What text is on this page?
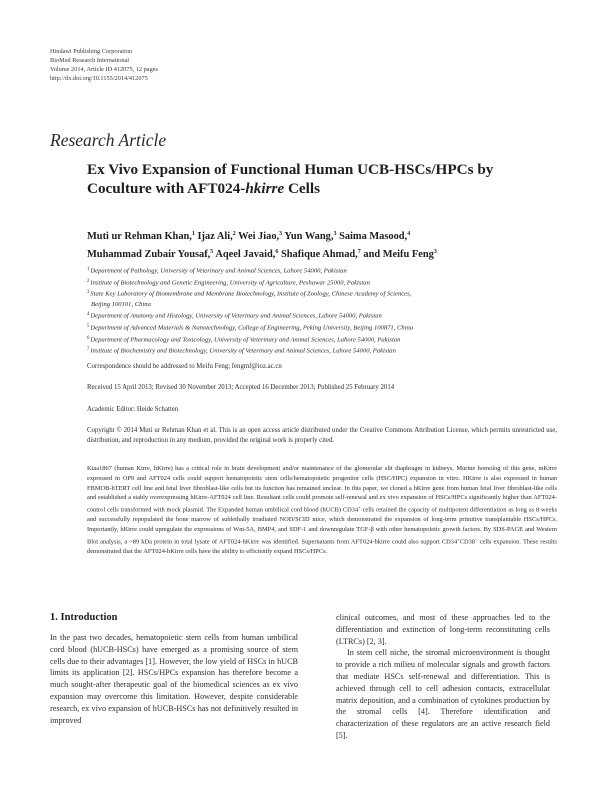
Hindawi Publishing Corporation
BioMed Research International
Volume 2014, Article ID 412075, 12 pages
http://dx.doi.org/10.1155/2014/412075
Research Article
Ex Vivo Expansion of Functional Human UCB-HSCs/HPCs by
Coculture with AFT024-hkirre Cells
Muti ur Rehman Khan,$^1$ Ijaz Ali,$^2$ Wei Jiao,$^3$ Yun Wang,$^3$ Saima Masood,$^4$
Muhammad Zubair Yousaf,$^5$ Aqeel Javaid,$^6$ Shafique Ahmad,$^7$ and Meifu Feng$^3$
$^1$Department of Pathology, University of Veterinary and Animal Sciences, Lahore 54000, Pakistan
$^2$Institute of Biotechnology and Genetic Engineering, University of Agriculture, Peshawar 25000, Pakistan
$^3$State Key Laboratory of Biomembrane and Membrane Biotechnology, Institute of Zoology, Chinese Academy of Sciences,
Beijing 100101, China
$^4$Department of Anatomy and Histology, University of Veterinary and Animal Sciences, Lahore 54000, Pakistan
$^5$Department of Advanced Materials & Nanotechnology, College of Engineering, Peking University, Beijing 100871, China
$^6$Department of Pharmacology and Toxicology, University of Veterinary and Animal Sciences, Lahore 54000, Pakistan
$^7$Institute of Biochemistry and Biotechnology, University of Veterinary and Animal Sciences, Lahore 54000, Pakistan
Correspondence should be addressed to Meifu Feng; fengmf@ioz.ac.cn
Received 15 April 2013; Revised 30 November 2013; Accepted 16 December 2013; Published 25 February 2014
Academic Editor: Heide Schatten
Copyright © 2014 Muti ur Rehman Khan et al. This is an open access article distributed under the Creative Commons Attribution License, which permits unrestricted use, distribution, and reproduction in any medium, provided the original work is properly cited.
Kiaa1867 (human Kirre, hKirre) has a critical role in brain development and/or maintenance of the glomerular slit diaphragm in kidneys. Murine homolog of this gene, mKirre expressed in OP9 and AFT024 cells could support hematopoietic stem cells/hematopoietic progenitor cells (HSC/HPC) expansion in vitro. HKirre is also expressed in human FBMOB-hTERT cell line and fetal liver fibroblast-like cells but its function has remained unclear. In this paper, we cloned a hKirre gene from human fetal liver fibroblast-like cells and established a stably overexpressing hKirre-AFT024 cell line. Resultant cells could promote self-renewal and ex vivo expansion of HSCs/HPCs significantly higher than AFT024-control cells transformed with mock plasmid. The Expanded human umbilical cord blood (hUCB) CD34+ cells retained the capacity of multipotent differentiation as long as 8 weeks and successfully repopulated the bone marrow of sublethally irradiated NOD/SCID mice, which demonstrated the expansion of long-term primitive transplantable HSCs/HPCs. Importantly, hKirre could upregulate the expressions of Wnt-5A, BMP4, and SDF-1 and downregulate TGF-β with other hematopoietic growth factors. By SDS-PAGE and Western Blot analysis, a ~89 kDa protein in total lysate of AFT024-hKirre was identified. Supernatants from AFT024-hkirre could also support CD34+CD38− cells expansion. These results demonstrated that the AFT024-hKirre cells have the ability to efficiently expand HSCs/HPCs.
1. Introduction

In the past two decades, hematopoietic stem cells from human umbilical cord blood (hUCB-HSCs) have emerged as a promising source of stem cells due to their advantages [1]. However, the low yield of HSCs in hUCB limits its application [2]. HSCs/HPCs expansion has therefore become a much sought-after therapeutic goal of the biomedical sciences as ex vivo expansion may overcome this limitation. However, despite considerable research, ex vivo expansion of hUCB-HSCs has not definitively resulted in improved

clinical outcomes, and most of these approaches led to the differentiation and extinction of long-term reconstituting cells (LTRCs) [2, 3].

In stem cell niche, the stromal microenvironment is thought to provide a rich milieu of molecular signals and growth factors that mediate HSCs self-renewal and differentiation. This is achieved through cell to cell adhesion contacts, extracellular matrix deposition, and a combination of cytokines production by the stromal cells [4]. Therefore identification and characterization of these regulators are an active research field [5].
